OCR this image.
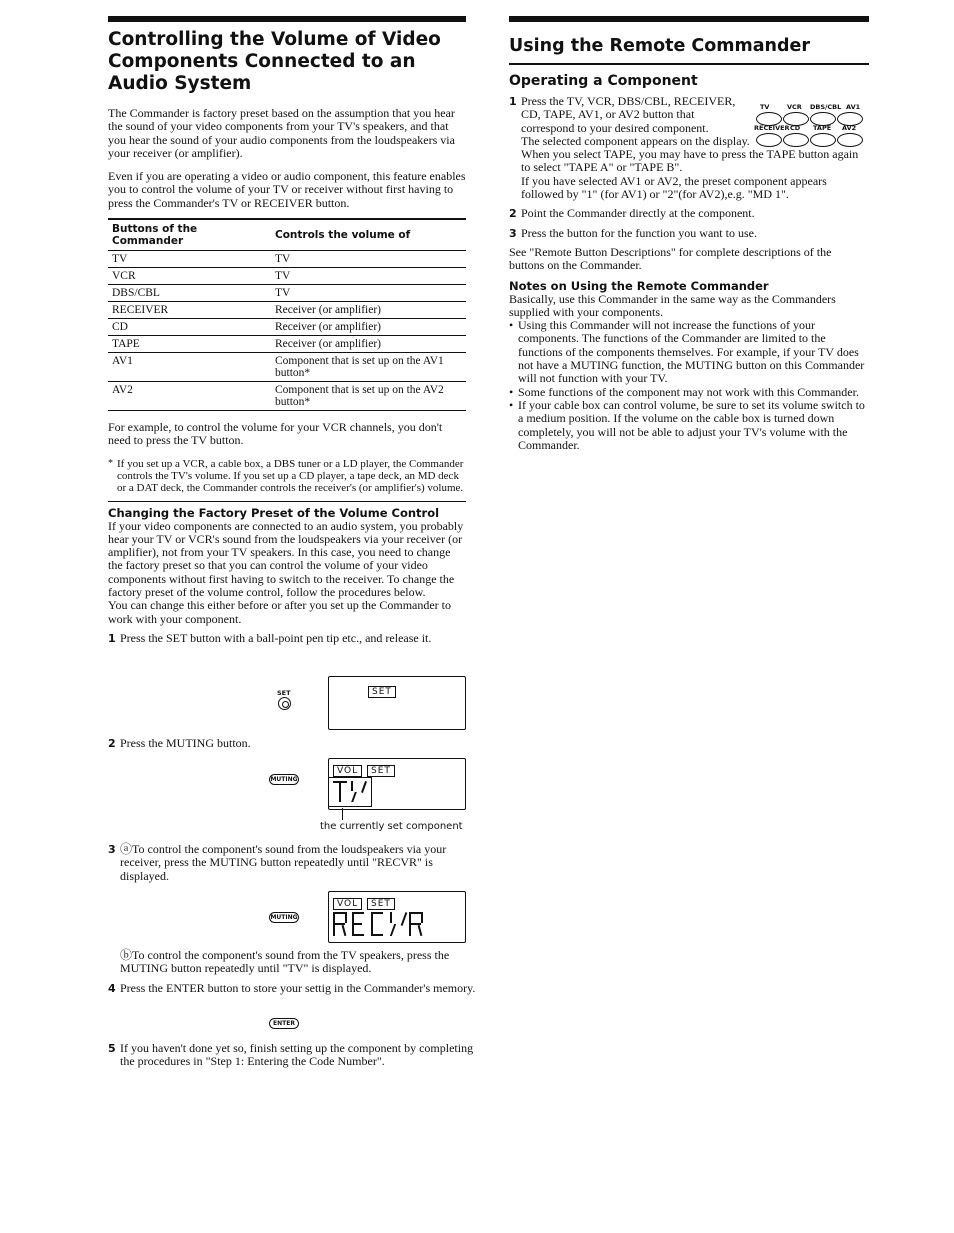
Controlling the Volume of Video Components Connected to an Audio System

The Commander is factory preset based on the assumption that you hear the sound of your video components from your TV's speakers, and that you hear the sound of your audio components from the loudspeakers via your receiver (or amplifier).

Even if you are operating a video or audio component, this feature enables you to control the volume of your TV or receiver without first having to press the Commander's TV or RECEIVER button.

Buttons of the Commander	Controls the volume of
TV	TV
VCR	TV
DBS/CBL	TV
RECEIVER	Receiver (or amplifier)
CD	Receiver (or amplifier)
TAPE	Receiver (or amplifier)
AV1	Component that is set up on the AV1 button*
AV2	Component that is set up on the AV2 button*

For example, to control the volume for your VCR channels, you don't need to press the TV button.

* If you set up a VCR, a cable box, a DBS tuner or a LD player, the Commander controls the TV's volume. If you set up a CD player, a tape deck, an MD deck or a DAT deck, the Commander controls the receiver's (or amplifier's) volume.

Changing the Factory Preset of the Volume Control

If your video components are connected to an audio system, you probably hear your TV or VCR's sound from the loudspeakers via your receiver (or amplifier), not from your TV speakers. In this case, you need to change the factory preset so that you can control the volume of your video components without first having to switch to the receiver. To change the factory preset of the volume control, follow the procedures below.

You can change this either before or after you set up the Commander to work with your component.

1 Press the SET button with a ball-point pen tip etc., and release it.
SET	SET
2 Press the MUTING button.
MUTING
VOL	SET
the currently set component
3 ⓐTo control the component's sound from the loudspeakers via your receiver, press the MUTING button repeatedly until "RECVR" is displayed.
MUTING
VOL	SET

ⓑTo control the component's sound from the TV speakers, press the MUTING button repeatedly until "TV" is displayed.

4 Press the ENTER button to store your settig in the Commander's memory.
ENTER
5 If you haven't done yet so, finish setting up the component by completing the procedures in "Step 1: Entering the Code Number".
Using the Remote Commander
Operating a Component
1 Press the TV, VCR, DBS/CBL, RECEIVER, CD, TAPE, AV1, or AV2 button that correspond to your desired component.

The selected component appears on the display.

When you select TAPE, you may have to press the TAPE button again to select "TAPE A" or "TAPE B".

If you have selected AV1 or AV2, the preset component appears followed by "1" (for AV1) or "2"(for AV2),e.g. "MD 1".

2 Point the Commander directly at the component.
3 Press the button for the function you want to use.

See "Remote Button Descriptions" for complete descriptions of the buttons on the Commander.

Notes on Using the Remote Commander

Basically, use this Commander in the same way as the Commanders supplied with your components.

• Using this Commander will not increase the functions of your components. The functions of the Commander are limited to the functions of the components themselves. For example, if your TV does not have a MUTING function, the MUTING button on this Commander will not function with your TV.
• Some functions of the component may not work with this Commander.
• If your cable box can control volume, be sure to set its volume switch to a medium position. If the volume on the cable box is turned down completely, you will not be able to adjust your TV's volume with the Commander.
TV	VCR DBS/CBL AV1
RECEIVER CD TAPE AV2
